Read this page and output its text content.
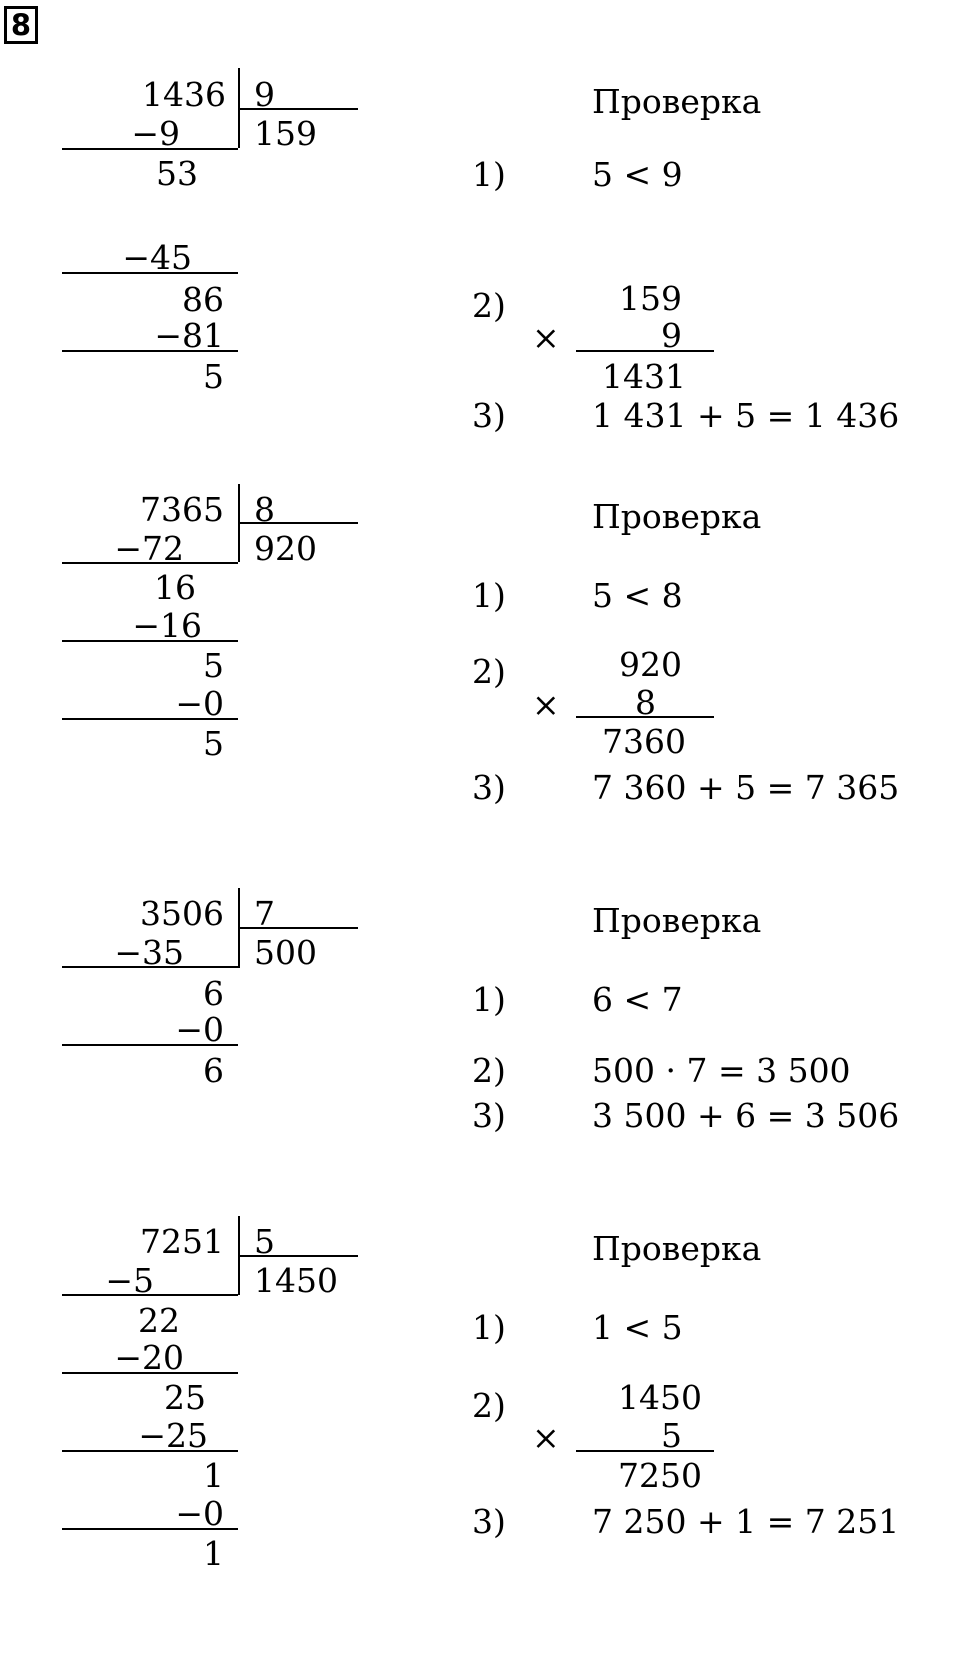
8
1436 9
159
−9
53
−45
86
−81
5
Проверка
1)	5 < 9
2)
×
159
9
1431
3)	1 431 + 5 = 1 436
7365 8
920
−72
16
−16
5
−0
5
Проверка
1)	5 < 8
2)
×
920
8
7360
3)	7 360 + 5 = 7 365
3506 7
500
−35
6
−0
6
Проверка
1)	6 < 7
2)	500 · 7 = 3 500
3)	3 500 + 6 = 3 506
7251 5
1450
−5
22
−20
25
−25
1
−0
1
Проверка
1)	1 < 5
2)
×
1450
5
7250
3)	7 250 + 1 = 7 251
